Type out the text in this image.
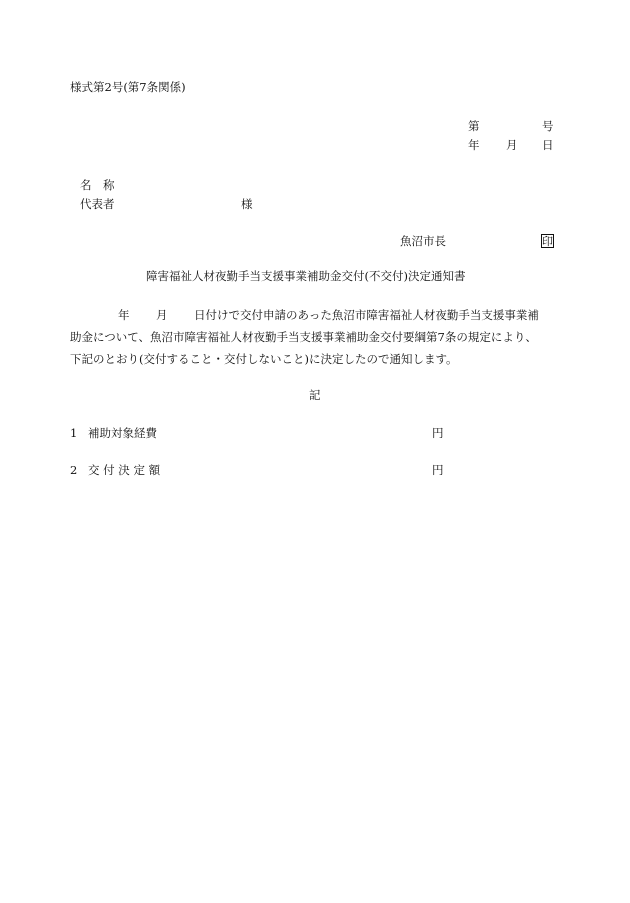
様式第2号(第7条関係)
第	号
年 月 日
名　称
代表者	様
魚沼市長	印
障害福祉人材夜勤手当支援事業補助金交付(不交付)決定通知書
年 月 日付けで交付申請のあった魚沼市障害福祉人材夜勤手当支援事業補
助金について、魚沼市障害福祉人材夜勤手当支援事業補助金交付要綱第7条の規定により、
下記のとおり(交付すること・交付しないこと)に決定したので通知します。
記
1 補助対象経費	円
2 交 付 決 定 額	円
